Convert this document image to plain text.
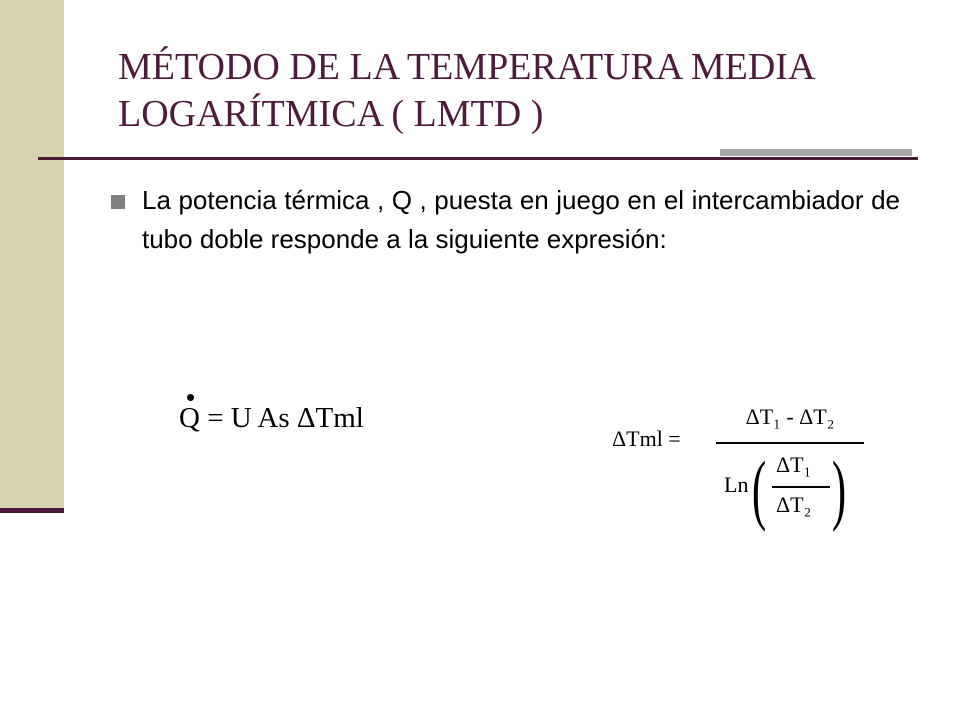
MÉTODO DE LA TEMPERATURA MEDIA LOGARÍTMICA ( LMTD )
La potencia térmica , Q , puesta en juego en el intercambiador de tubo doble responde a la siguiente expresión:
Q = U As ΔTml
ΔTml =
ΔT₁ - ΔT₂
Ln ( ΔT₁
ΔT₂ )
